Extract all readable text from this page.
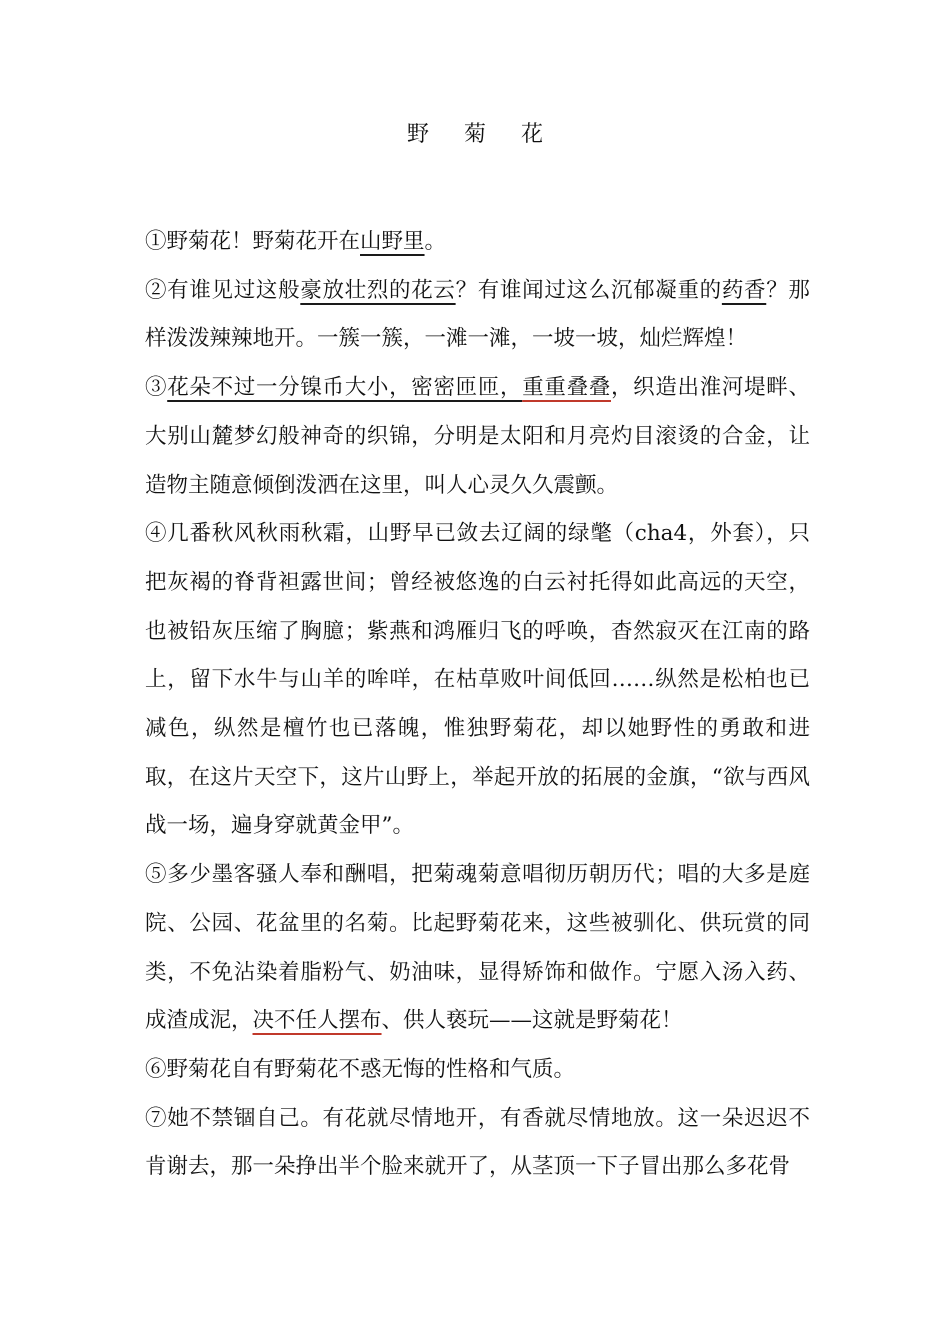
野 菊 花

①野菊花！野菊花开在山野里。

②有谁见过这般豪放壮烈的花云？有谁闻过这么沉郁凝重的药香？那样泼泼辣辣地开。一簇一簇，一滩一滩，一坡一坡，灿烂辉煌！

③花朵不过一分镍币大小，密密匝匝，重重叠叠，织造出淮河堤畔、大别山麓梦幻般神奇的织锦，分明是太阳和月亮灼目滚烫的合金，让造物主随意倾倒泼洒在这里，叫人心灵久久震颤。

④几番秋风秋雨秋霜，山野早已敛去辽阔的绿氅（cha4，外套），只把灰褐的脊背袒露世间；曾经被悠逸的白云衬托得如此高远的天空，也被铅灰压缩了胸臆；紫燕和鸿雁归飞的呼唤，杳然寂灭在江南的路上，留下水牛与山羊的哞咩，在枯草败叶间低回……纵然是松柏也已减色，纵然是檀竹也已落魄，惟独野菊花，却以她野性的勇敢和进取，在这片天空下，这片山野上，举起开放的拓展的金旗，“欲与西风战一场，遍身穿就黄金甲”。

⑤多少墨客骚人奉和酬唱，把菊魂菊意唱彻历朝历代；唱的大多是庭院、公园、花盆里的名菊。比起野菊花来，这些被驯化、供玩赏的同类，不免沾染着脂粉气、奶油味，显得矫饰和做作。宁愿入汤入药、成渣成泥，决不任人摆布、供人亵玩——这就是野菊花！

⑥野菊花自有野菊花不惑无悔的性格和气质。

⑦她不禁锢自己。有花就尽情地开，有香就尽情地放。这一朵迟迟不肯谢去，那一朵挣出半个脸来就开了，从茎顶一下子冒出那么多花骨
